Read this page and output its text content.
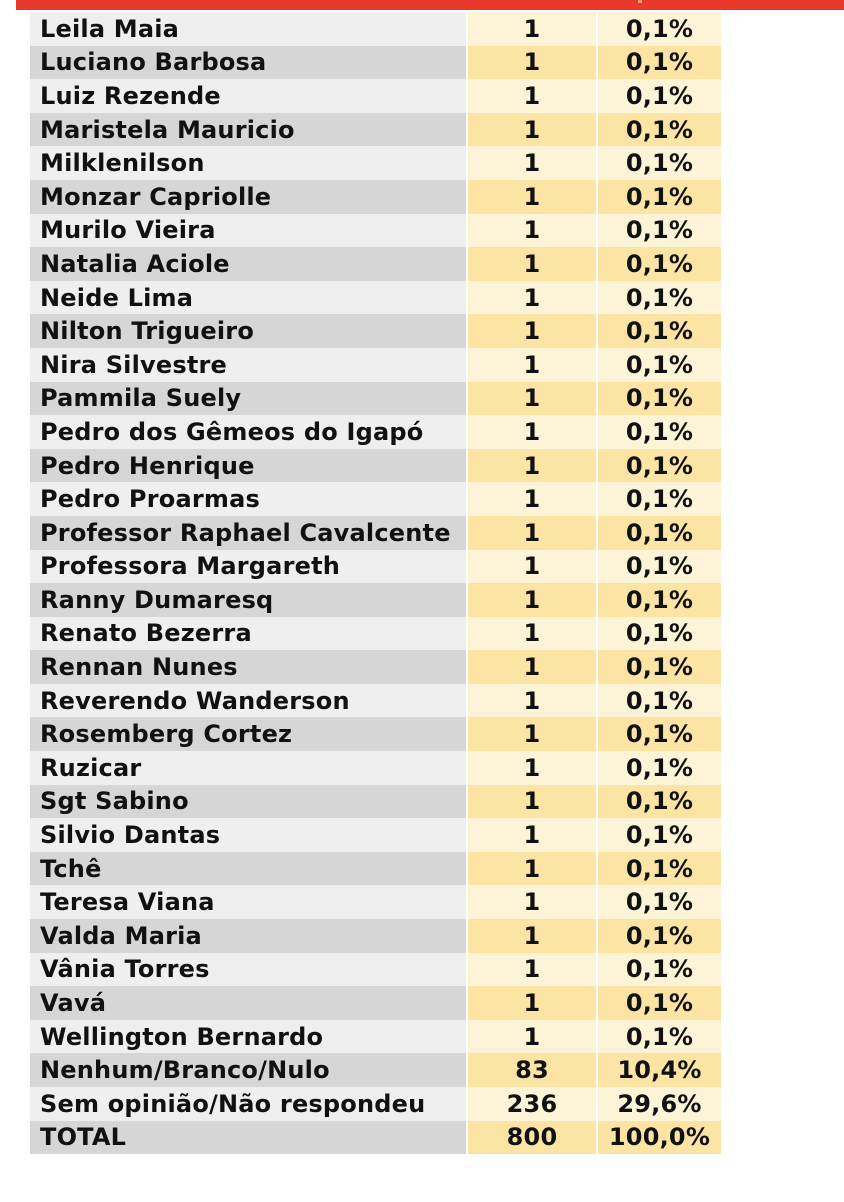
Leila Maia	1	0,1%
Luciano Barbosa	1	0,1%
Luiz Rezende	1	0,1%
Maristela Mauricio	1	0,1%
Milklenilson	1	0,1%
Monzar Capriolle	1	0,1%
Murilo Vieira	1	0,1%
Natalia Aciole	1	0,1%
Neide Lima	1	0,1%
Nilton Trigueiro	1	0,1%
Nira Silvestre	1	0,1%
Pammila Suely	1	0,1%
Pedro dos Gêmeos do Igapó	1	0,1%
Pedro Henrique	1	0,1%
Pedro Proarmas	1	0,1%
Professor Raphael Cavalcente	1	0,1%
Professora Margareth	1	0,1%
Ranny Dumaresq	1	0,1%
Renato Bezerra	1	0,1%
Rennan Nunes	1	0,1%
Reverendo Wanderson	1	0,1%
Rosemberg Cortez	1	0,1%
Ruzicar	1	0,1%
Sgt Sabino	1	0,1%
Silvio Dantas	1	0,1%
Tchê	1	0,1%
Teresa Viana	1	0,1%
Valda Maria	1	0,1%
Vânia Torres	1	0,1%
Vavá	1	0,1%
Wellington Bernardo	1	0,1%
Nenhum/Branco/Nulo	83	10,4%
Sem opinião/Não respondeu	236	29,6%
TOTAL	800	100,0%
